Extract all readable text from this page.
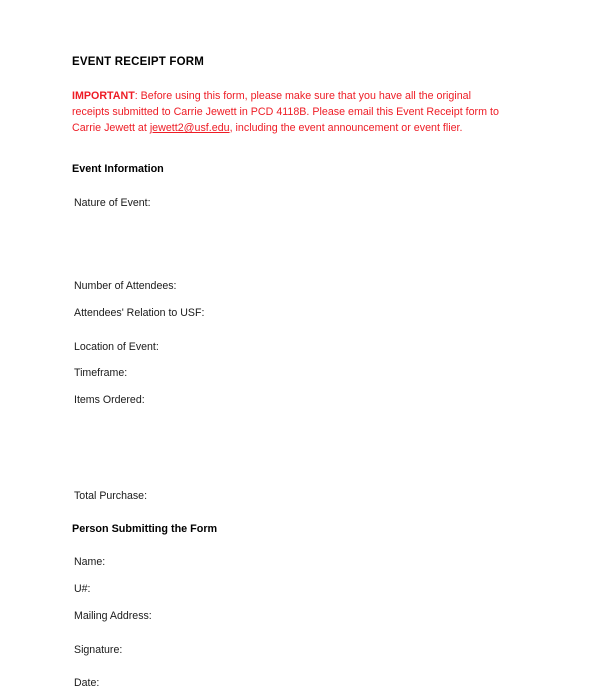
EVENT RECEIPT FORM

IMPORTANT: Before using this form, please make sure that you have all the original receipts submitted to Carrie Jewett in PCD 4118B. Please email this Event Receipt form to Carrie Jewett at jewett2@usf.edu, including the event announcement or event flier.

Event Information

Nature of Event:

Number of Attendees:

Attendees' Relation to USF:

Location of Event:

Timeframe:

Items Ordered:

Total Purchase:

Person Submitting the Form

Name:

U#:

Mailing Address:

Signature:

Date:
